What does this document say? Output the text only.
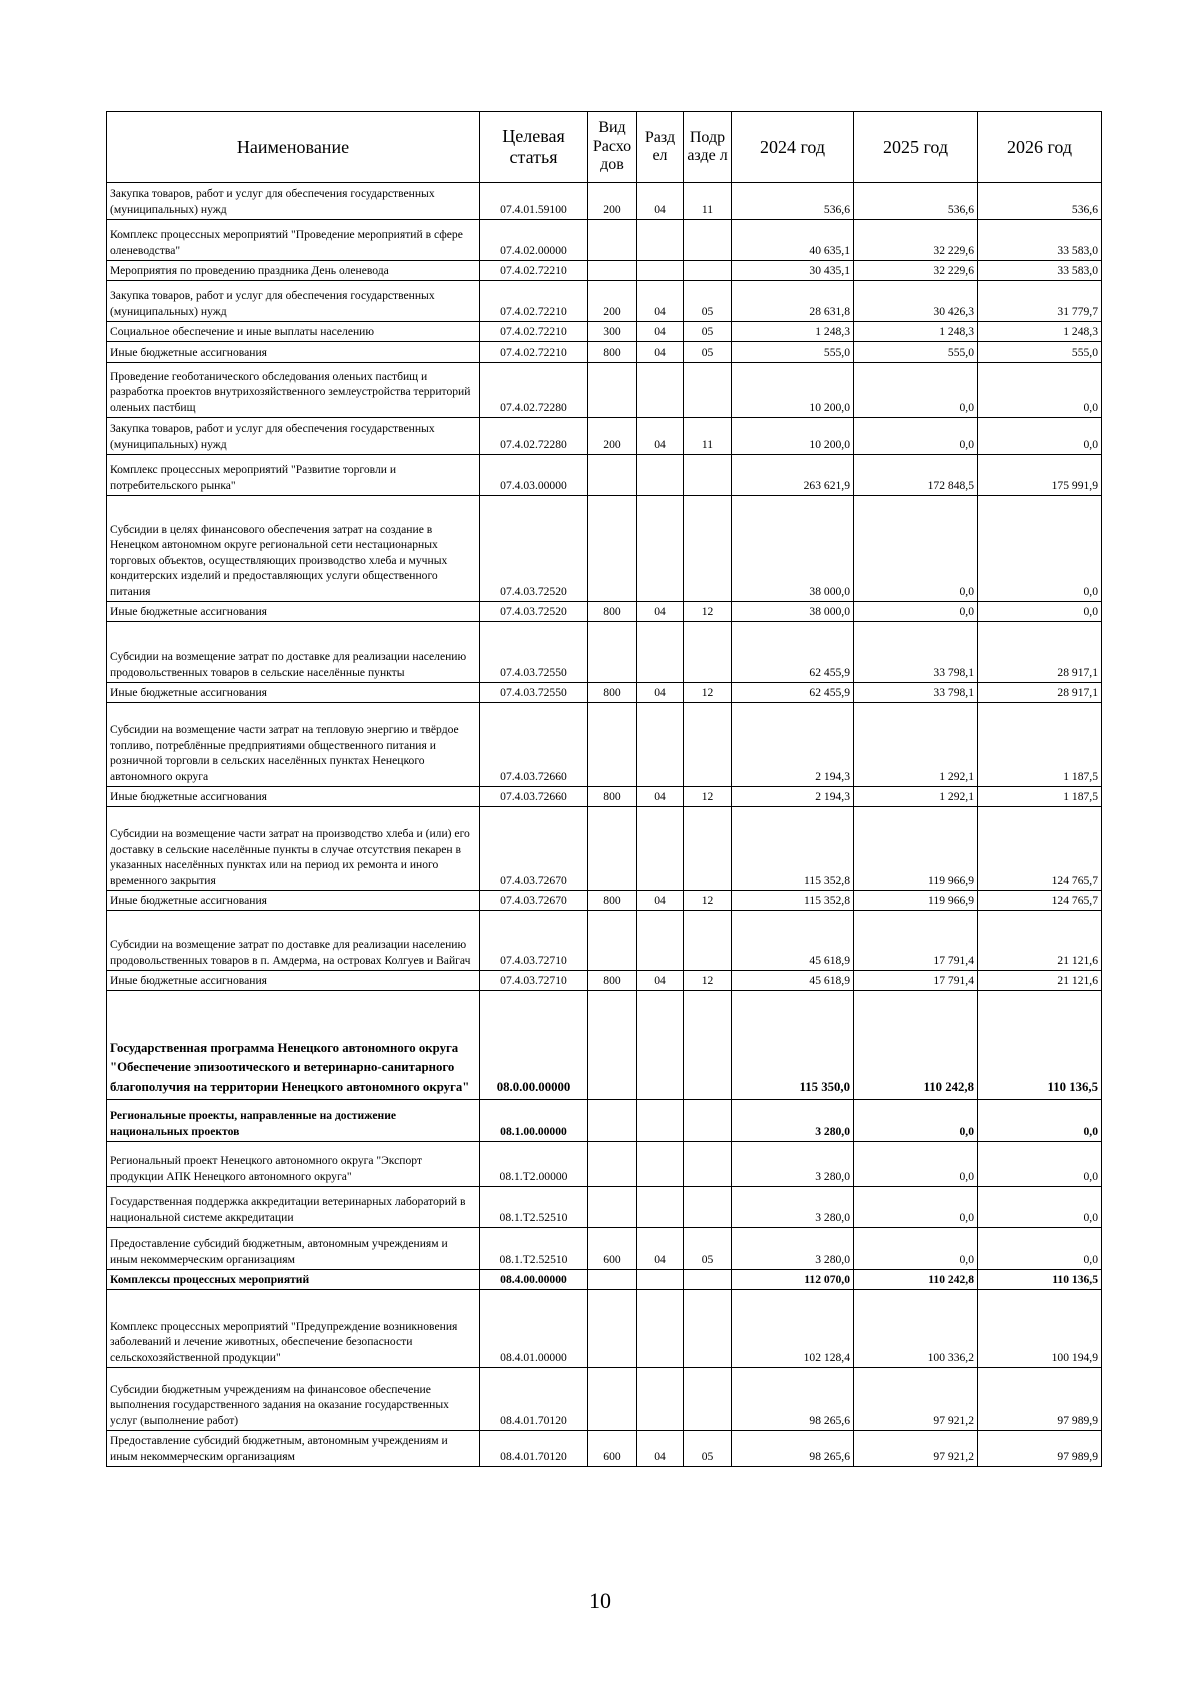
Наименование	Целевая статья	Вид Расхо дов	Разд ел	Подр азде л	2024 год	2025 год	2026 год
Закупка товаров, работ и услуг для обеспечения государственных (муниципальных) нужд	07.4.01.59100	200	04	11	536,6	536,6	536,6
Комплекс процессных мероприятий "Проведение мероприятий в сфере оленеводства"	07.4.02.00000				40 635,1	32 229,6	33 583,0
Мероприятия по проведению праздника День оленевода	07.4.02.72210				30 435,1	32 229,6	33 583,0
Закупка товаров, работ и услуг для обеспечения государственных (муниципальных) нужд	07.4.02.72210	200	04	05	28 631,8	30 426,3	31 779,7
Социальное обеспечение и иные выплаты населению	07.4.02.72210	300	04	05	1 248,3	1 248,3	1 248,3
Иные бюджетные ассигнования	07.4.02.72210	800	04	05	555,0	555,0	555,0
Проведение геоботанического обследования оленьих пастбищ и разработка проектов внутрихозяйственного землеустройства территорий оленьих пастбищ	07.4.02.72280				10 200,0	0,0	0,0
Закупка товаров, работ и услуг для обеспечения государственных (муниципальных) нужд	07.4.02.72280	200	04	11	10 200,0	0,0	0,0
Комплекс процессных мероприятий "Развитие торговли и потребительского рынка"	07.4.03.00000				263 621,9	172 848,5	175 991,9
Субсидии в целях финансового обеспечения затрат на создание в Ненецком автономном округе региональной сети нестационарных торговых объектов, осуществляющих производство хлеба и мучных кондитерских изделий и предоставляющих услуги общественного питания	07.4.03.72520				38 000,0	0,0	0,0
Иные бюджетные ассигнования	07.4.03.72520	800	04	12	38 000,0	0,0	0,0
Субсидии на возмещение затрат по доставке для реализации населению продовольственных товаров в сельские населённые пункты	07.4.03.72550				62 455,9	33 798,1	28 917,1
Иные бюджетные ассигнования	07.4.03.72550	800	04	12	62 455,9	33 798,1	28 917,1
Субсидии на возмещение части затрат на тепловую энергию и твёрдое топливо, потреблённые предприятиями общественного питания и розничной торговли в сельских населённых пунктах Ненецкого автономного округа	07.4.03.72660				2 194,3	1 292,1	1 187,5
Иные бюджетные ассигнования	07.4.03.72660	800	04	12	2 194,3	1 292,1	1 187,5
Субсидии на возмещение части затрат на производство хлеба и (или) его доставку в сельские населённые пункты в случае отсутствия пекарен в указанных населённых пунктах или на период их ремонта и иного временного закрытия	07.4.03.72670				115 352,8	119 966,9	124 765,7
Иные бюджетные ассигнования	07.4.03.72670	800	04	12	115 352,8	119 966,9	124 765,7
Субсидии на возмещение затрат по доставке для реализации населению продовольственных товаров в п. Амдерма, на островах Колгуев и Вайгач	07.4.03.72710				45 618,9	17 791,4	21 121,6
Иные бюджетные ассигнования	07.4.03.72710	800	04	12	45 618,9	17 791,4	21 121,6
Государственная программа Ненецкого автономного округа "Обеспечение эпизоотического и ветеринарно-санитарного благополучия на территории Ненецкого автономного округа"	08.0.00.00000				115 350,0	110 242,8	110 136,5
Региональные проекты, направленные на достижение национальных проектов	08.1.00.00000				3 280,0	0,0	0,0
Региональный проект Ненецкого автономного округа "Экспорт продукции АПК Ненецкого автономного округа"	08.1.Т2.00000				3 280,0	0,0	0,0
Государственная поддержка аккредитации ветеринарных лабораторий в национальной системе аккредитации	08.1.Т2.52510				3 280,0	0,0	0,0
Предоставление субсидий бюджетным, автономным учреждениям и иным некоммерческим организациям	08.1.Т2.52510	600	04	05	3 280,0	0,0	0,0
Комплексы процессных мероприятий	08.4.00.00000				112 070,0	110 242,8	110 136,5
Комплекс процессных мероприятий "Предупреждение возникновения заболеваний и лечение животных, обеспечение безопасности сельскохозяйственной продукции"	08.4.01.00000				102 128,4	100 336,2	100 194,9
Субсидии бюджетным учреждениям на финансовое обеспечение выполнения государственного задания на оказание государственных услуг (выполнение работ)	08.4.01.70120				98 265,6	97 921,2	97 989,9
Предоставление субсидий бюджетным, автономным учреждениям и иным некоммерческим организациям	08.4.01.70120	600	04	05	98 265,6	97 921,2	97 989,9
10
